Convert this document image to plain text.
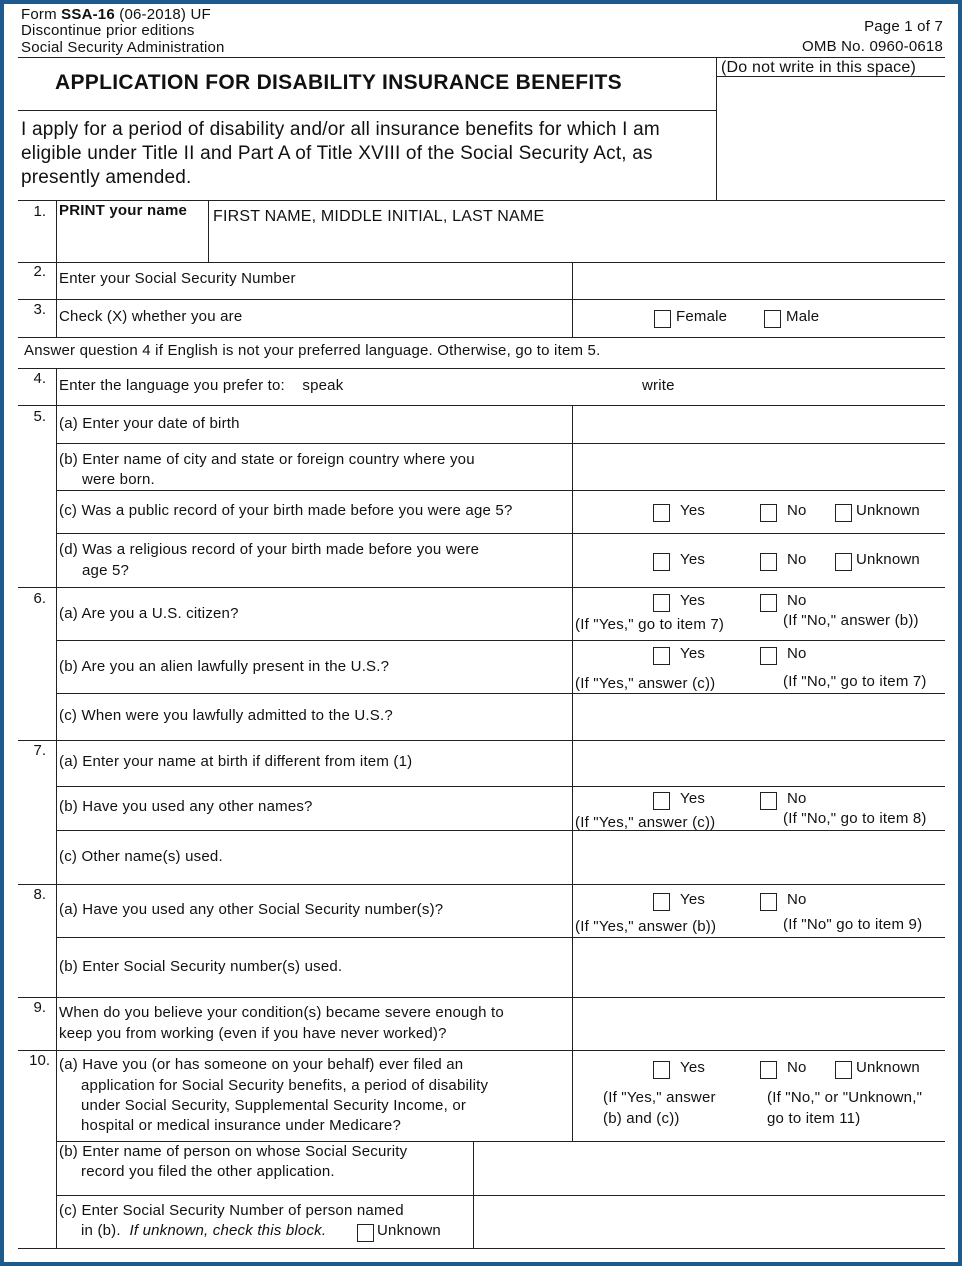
Form SSA-16 (06-2018) UF
Discontinue prior editions
Social Security Administration
Page 1 of 7
OMB No. 0960-0618
(Do not write in this space)
APPLICATION FOR DISABILITY INSURANCE BENEFITS
I apply for a period of disability and/or all insurance benefits for which I am
eligible under Title II and Part A of Title XVIII of the Social Security Act, as
presently amended.
1. PRINT your name FIRST NAME, MIDDLE INITIAL, LAST NAME
2. Enter your Social Security Number
3. Check (X) whether you are	Female	Male
Answer question 4 if English is not your preferred language. Otherwise, go to item 5.
4. Enter the language you prefer to:    speak	write
5. (a) Enter your date of birth
(b) Enter name of city and state or foreign country where you
were born.
(c) Was a public record of your birth made before you were age 5?	Yes	No	Unknown
(d) Was a religious record of your birth made before you were
age 5?
Yes	No	Unknown
6.
(a) Are you a U.S. citizen?
Yes	No
(If "Yes," go to item 7)	(If "No," answer (b))
(b) Are you an alien lawfully present in the U.S.?
Yes	No
(If "Yes," answer (c))	(If "No," go to item 7)
(c) When were you lawfully admitted to the U.S.?
7.
(a) Enter your name at birth if different from item (1)
(b) Have you used any other names?	Yes	No
(If "Yes," answer (c))	(If "No," go to item 8)
(c) Other name(s) used.
8.
(a) Have you used any other Social Security number(s)?
Yes	No
(If "Yes," answer (b))	(If "No" go to item 9)
(b) Enter Social Security number(s) used.
9. When do you believe your condition(s) became severe enough to
keep you from working (even if you have never worked)?
10. (a) Have you (or has someone on your behalf) ever filed an
application for Social Security benefits, a period of disability
under Social Security, Supplemental Security Income, or
hospital or medical insurance under Medicare?
Yes	No	Unknown
(If "Yes," answer
(b) and (c))
(If "No," or "Unknown,"
go to item 11)
(b) Enter name of person on whose Social Security
record you filed the other application.
(c) Enter Social Security Number of person named
in (b).  If unknown, check this block.	Unknown
